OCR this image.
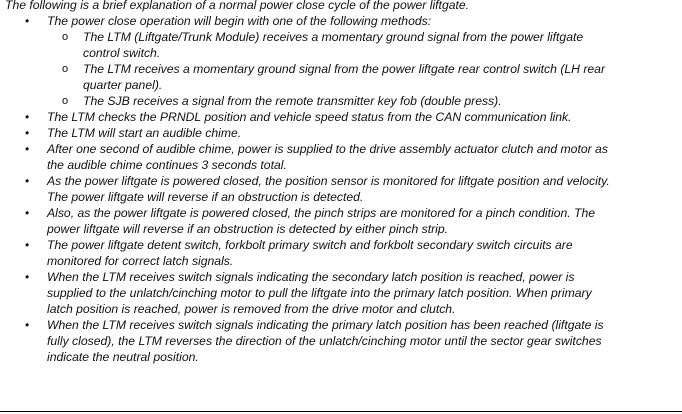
The following is a brief explanation of a normal power close cycle of the power liftgate.
• The power close operation will begin with one of the following methods:
o The LTM (Liftgate/Trunk Module) receives a momentary ground signal from the power liftgate
control switch.
o The LTM receives a momentary ground signal from the power liftgate rear control switch (LH rear
quarter panel).
o The SJB receives a signal from the remote transmitter key fob (double press).
• The LTM checks the PRNDL position and vehicle speed status from the CAN communication link.
• The LTM will start an audible chime.
• After one second of audible chime, power is supplied to the drive assembly actuator clutch and motor as
the audible chime continues 3 seconds total.
• As the power liftgate is powered closed, the position sensor is monitored for liftgate position and velocity.
The power liftgate will reverse if an obstruction is detected.
• Also, as the power liftgate is powered closed, the pinch strips are monitored for a pinch condition. The
power liftgate will reverse if an obstruction is detected by either pinch strip.
• The power liftgate detent switch, forkbolt primary switch and forkbolt secondary switch circuits are
monitored for correct latch signals.
• When the LTM receives switch signals indicating the secondary latch position is reached, power is
supplied to the unlatch/cinching motor to pull the liftgate into the primary latch position. When primary
latch position is reached, power is removed from the drive motor and clutch.
• When the LTM receives switch signals indicating the primary latch position has been reached (liftgate is
fully closed), the LTM reverses the direction of the unlatch/cinching motor until the sector gear switches
indicate the neutral position.
